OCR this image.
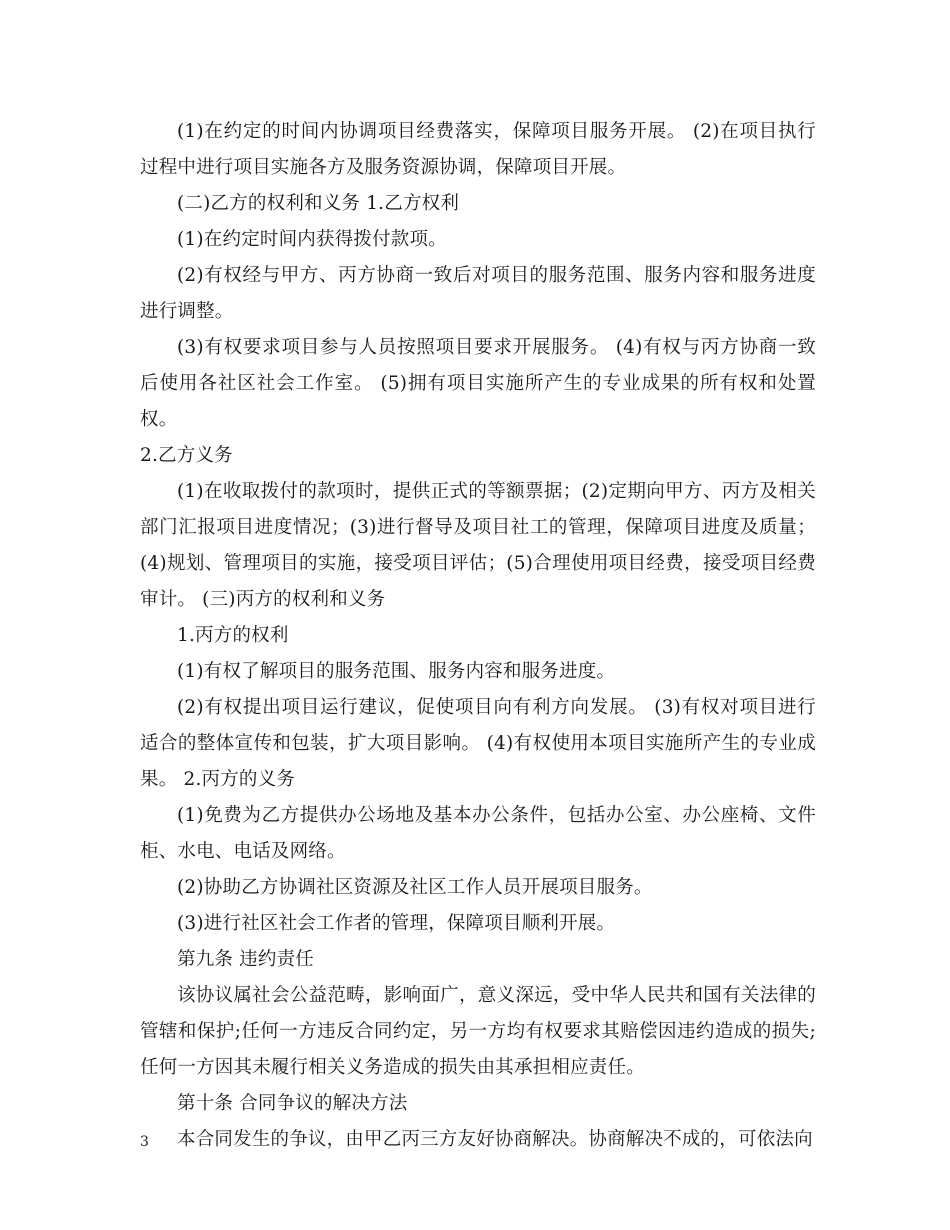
(1)在约定的时间内协调项目经费落实，保障项目服务开展。 (2)在项目执行过程中进行项目实施各方及服务资源协调，保障项目开展。

(二)乙方的权利和义务 1.乙方权利

(1)在约定时间内获得拨付款项。

(2)有权经与甲方、丙方协商一致后对项目的服务范围、服务内容和服务进度进行调整。

(3)有权要求项目参与人员按照项目要求开展服务。 (4)有权与丙方协商一致后使用各社区社会工作室。 (5)拥有项目实施所产生的专业成果的所有权和处置权。

2.乙方义务

(1)在收取拨付的款项时，提供正式的等额票据；(2)定期向甲方、丙方及相关部门汇报项目进度情况；(3)进行督导及项目社工的管理，保障项目进度及质量；(4)规划、管理项目的实施，接受项目评估；(5)合理使用项目经费，接受项目经费审计。 (三)丙方的权利和义务

1.丙方的权利

(1)有权了解项目的服务范围、服务内容和服务进度。

(2)有权提出项目运行建议，促使项目向有利方向发展。 (3)有权对项目进行适合的整体宣传和包装，扩大项目影响。 (4)有权使用本项目实施所产生的专业成果。 2.丙方的义务

(1)免费为乙方提供办公场地及基本办公条件，包括办公室、办公座椅、文件柜、水电、电话及网络。

(2)协助乙方协调社区资源及社区工作人员开展项目服务。

(3)进行社区社会工作者的管理，保障项目顺利开展。

第九条 违约责任

该协议属社会公益范畴，影响面广，意义深远，受中华人民共和国有关法律的管辖和保护;任何一方违反合同约定，另一方均有权要求其赔偿因违约造成的损失;任何一方因其未履行相关义务造成的损失由其承担相应责任。

第十条 合同争议的解决方法

本合同发生的争议，由甲乙丙三方友好协商解决。协商解决不成的，可依法向

3
